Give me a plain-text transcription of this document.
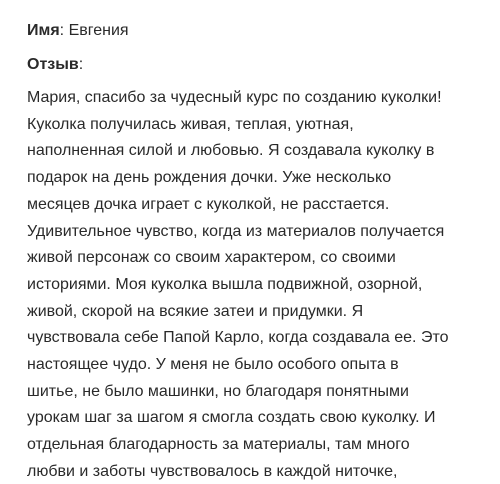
Имя: Евгения
Отзыв:
Мария, спасибо за чудесный курс по созданию куколки!
Куколка получилась живая, теплая, уютная,
наполненная силой и любовью. Я создавала куколку в
подарок на день рождения дочки. Уже несколько
месяцев дочка играет с куколкой, не расстается.
Удивительное чувство, когда из материалов получается
живой персонаж со своим характером, со своими
историями. Моя куколка вышла подвижной, озорной,
живой, скорой на всякие затеи и придумки. Я
чувствовала себе Папой Карло, когда создавала ее. Это
настоящее чудо. У меня не было особого опыта в
шитье, не было машинки, но благодаря понятными
урокам шаг за шагом я смогла создать свою куколку. И
отдельная благодарность за материалы, там много
любви и заботы чувствовалось в каждой ниточке,
